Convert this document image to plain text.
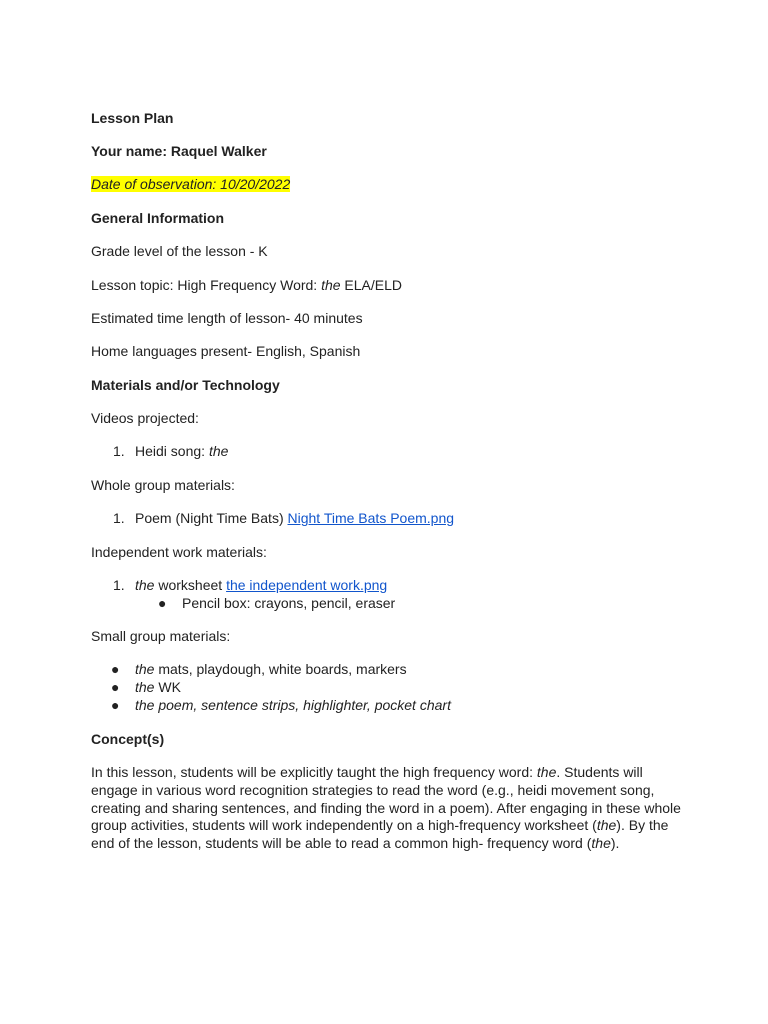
Lesson Plan
Your name: Raquel Walker
Date of observation: 10/20/2022
General Information
Grade level of the lesson - K
Lesson topic: High Frequency Word: the ELA/ELD
Estimated time length of lesson- 40 minutes
Home languages present- English, Spanish
Materials and/or Technology
Videos projected:
1. Heidi song: the
Whole group materials:
1. Poem (Night Time Bats) Night Time Bats Poem.png
Independent work materials:
1. the worksheet the independent work.png
● Pencil box: crayons, pencil, eraser
Small group materials:
● the mats, playdough, white boards, markers
● the WK
● the poem, sentence strips, highlighter, pocket chart
Concept(s)
In this lesson, students will be explicitly taught the high frequency word: the. Students will engage in various word recognition strategies to read the word (e.g., heidi movement song, creating and sharing sentences, and finding the word in a poem). After engaging in these whole group activities, students will work independently on a high-frequency worksheet (the). By the end of the lesson, students will be able to read a common high- frequency word (the).
